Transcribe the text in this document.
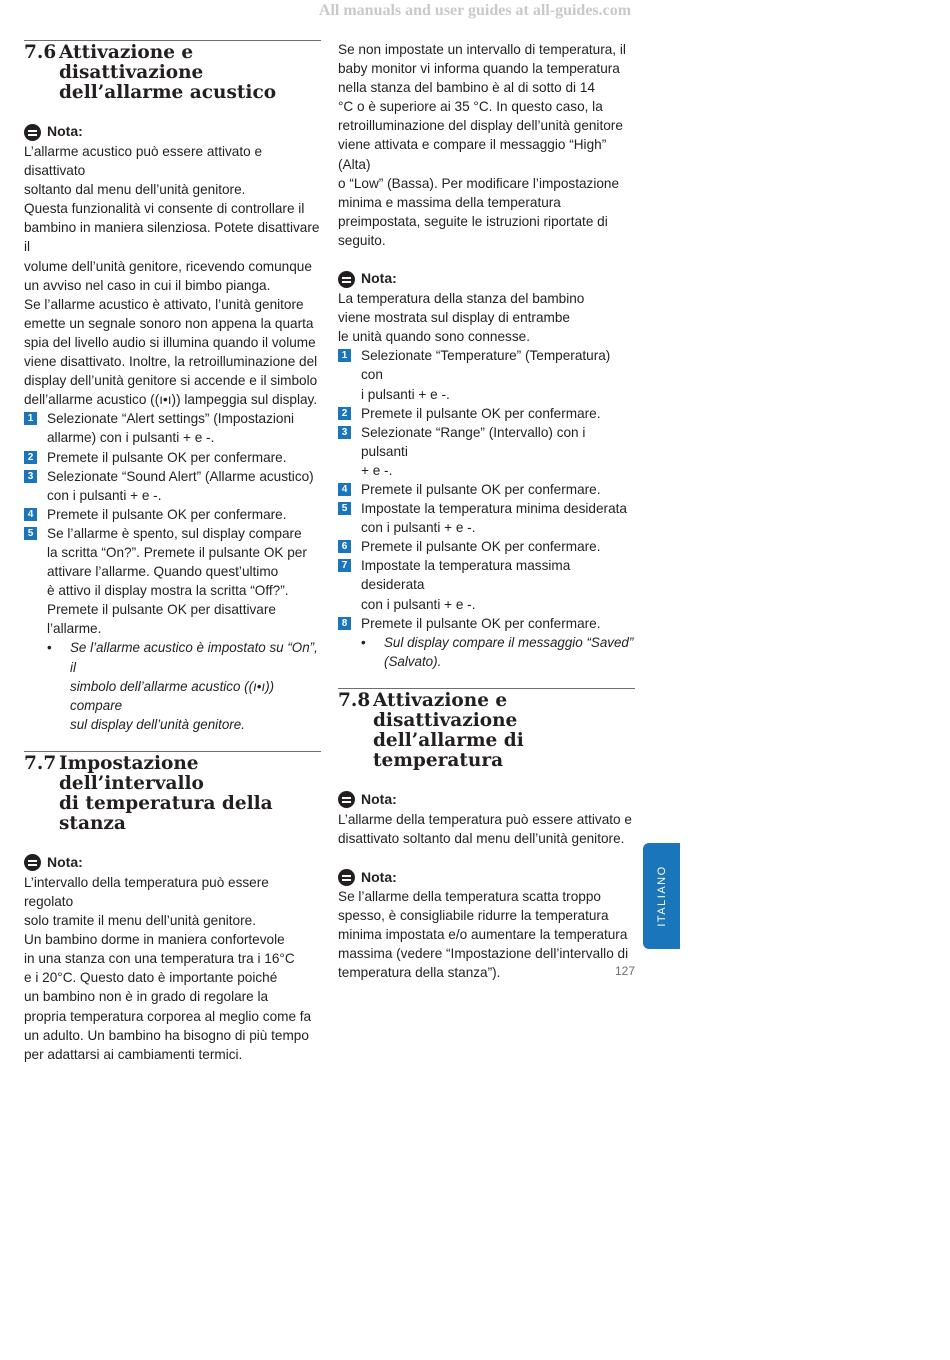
All manuals and user guides at all-guides.com
7.6 Attivazione e disattivazione
dell’allarme acustico
Nota:
L’allarme acustico può essere attivato e disattivato
soltanto dal menu dell’unità genitore.
Questa funzionalità vi consente di controllare il
bambino in maniera silenziosa. Potete disattivare il
volume dell’unità genitore, ricevendo comunque
un avviso nel caso in cui il bimbo pianga.
Se l’allarme acustico è attivato, l’unità genitore
emette un segnale sonoro non appena la quarta
spia del livello audio si illumina quando il volume
viene disattivato. Inoltre, la retroilluminazione del
display dell’unità genitore si accende e il simbolo
dell’allarme acustico ((ı•ı)) lampeggia sul display.
1 Selezionate “Alert settings” (Impostazioni
allarme) con i pulsanti + e -.
2 Premete il pulsante OK per confermare.
3 Selezionate “Sound Alert” (Allarme acustico)
con i pulsanti + e -.
4 Premete il pulsante OK per confermare.
5 Se l’allarme è spento, sul display compare
la scritta “On?”. Premete il pulsante OK per
attivare l’allarme. Quando quest’ultimo
è attivo il display mostra la scritta “Off?”.
Premete il pulsante OK per disattivare
l’allarme.
•	Se l’allarme acustico è impostato su “On”, il
simbolo dell’allarme acustico ((ı•ı)) compare
sul display dell’unità genitore.
7.7 Impostazione dell’intervallo
di temperatura della stanza
Nota:
L’intervallo della temperatura può essere regolato
solo tramite il menu dell’unità genitore.
Un bambino dorme in maniera confortevole
in una stanza con una temperatura tra i 16°C
e i 20°C. Questo dato è importante poiché
un bambino non è in grado di regolare la
propria temperatura corporea al meglio come fa
un adulto. Un bambino ha bisogno di più tempo
per adattarsi ai cambiamenti termici.
Se non impostate un intervallo di temperatura, il
baby monitor vi informa quando la temperatura
nella stanza del bambino è al di sotto di 14
°C o è superiore ai 35 °C. In questo caso, la
retroilluminazione del display dell’unità genitore
viene attivata e compare il messaggio “High” (Alta)
o “Low” (Bassa). Per modificare l’impostazione
minima e massima della temperatura
preimpostata, seguite le istruzioni riportate di
seguito.
Nota:
La temperatura della stanza del bambino
viene mostrata sul display di entrambe
le unità quando sono connesse.
1 Selezionate “Temperature” (Temperatura) con
i pulsanti + e -.
2 Premete il pulsante OK per confermare.
3 Selezionate “Range” (Intervallo) con i pulsanti
+ e -.
4 Premete il pulsante OK per confermare.
5 Impostate la temperatura minima desiderata
con i pulsanti + e -.
6 Premete il pulsante OK per confermare.
7 Impostate la temperatura massima desiderata
con i pulsanti + e -.
8 Premete il pulsante OK per confermare.
•	Sul display compare il messaggio “Saved”
(Salvato).
7.8 Attivazione e disattivazione
dell’allarme di temperatura
Nota:
L’allarme della temperatura può essere attivato e
disattivato soltanto dal menu dell’unità genitore.
Nota:
Se l’allarme della temperatura scatta troppo
spesso, è consigliabile ridurre la temperatura
minima impostata e/o aumentare la temperatura
massima (vedere “Impostazione dell’intervallo di
temperatura della stanza”).
ITALIANO
127
